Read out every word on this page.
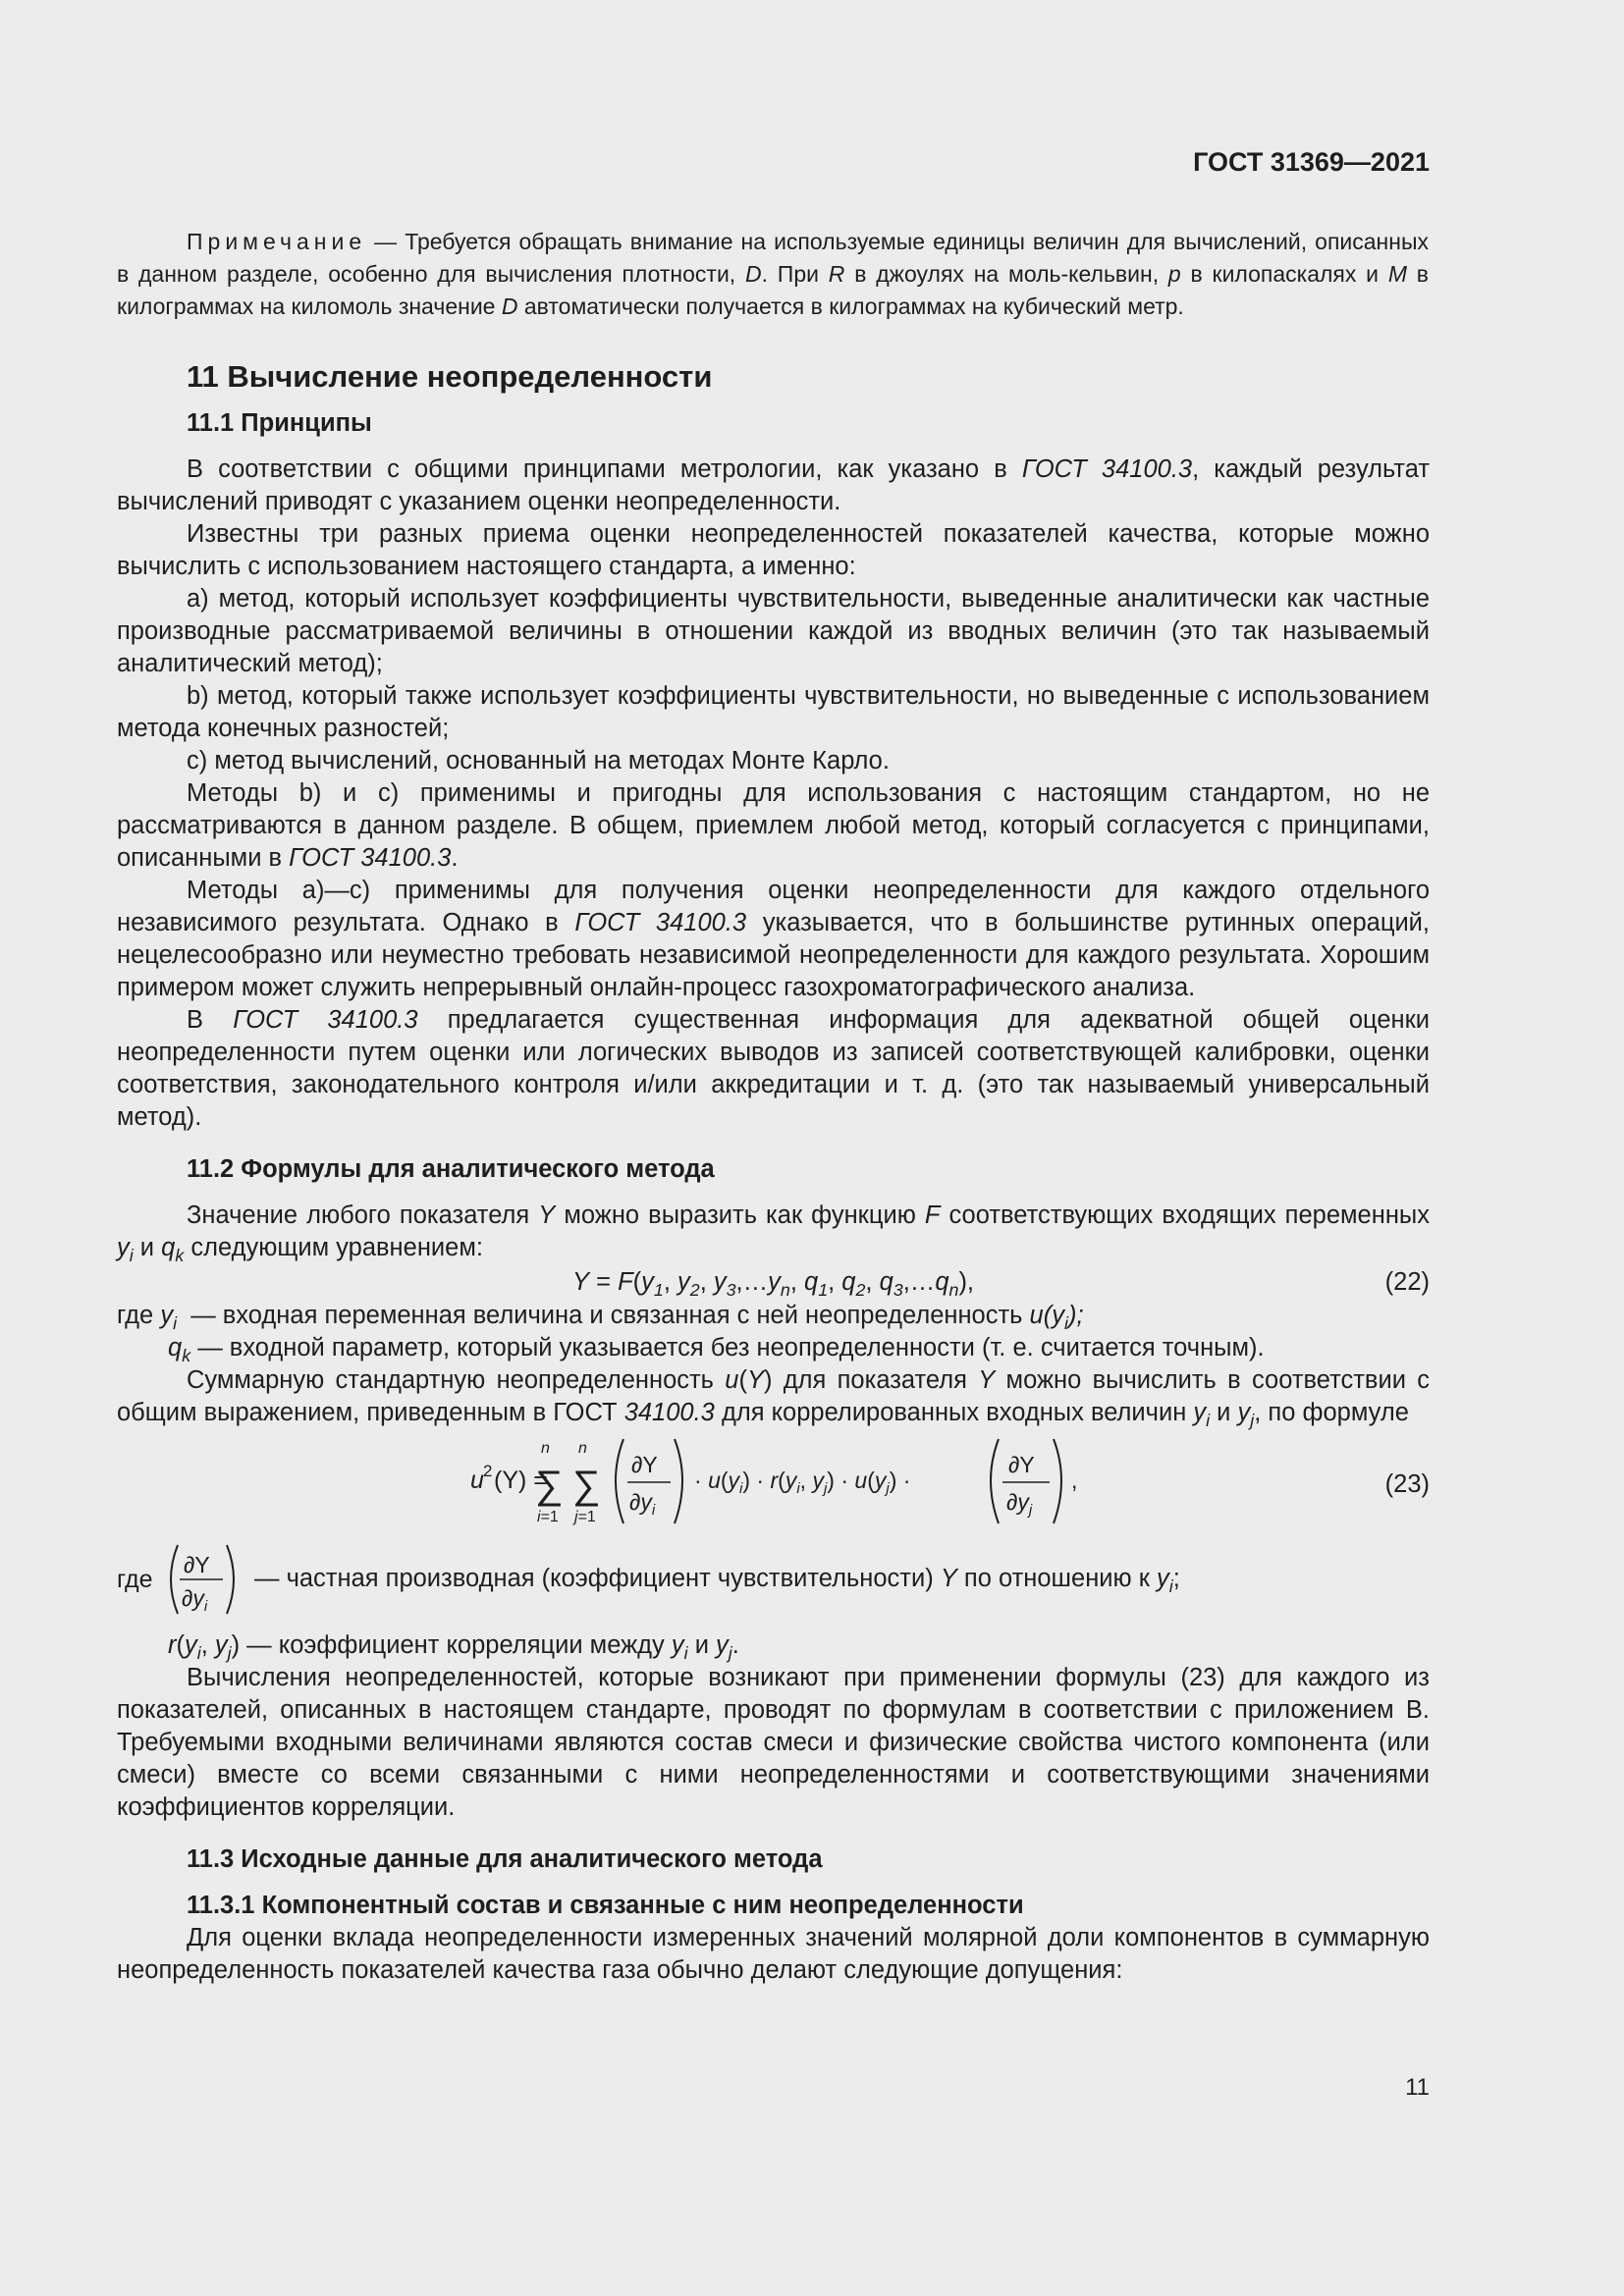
ГОСТ 31369—2021

Примечание — Требуется обращать внимание на используемые единицы величин для вычислений, описанных в данном разделе, особенно для вычисления плотности, D. При R в джоулях на моль-кельвин, p в килопаскалях и M в килограммах на киломоль значение D автоматически получается в килограммах на кубический метр.

11 Вычисление неопределенности
11.1 Принципы

В соответствии с общими принципами метрологии, как указано в ГОСТ 34100.3, каждый результат вычислений приводят с указанием оценки неопределенности.

Известны три разных приема оценки неопределенностей показателей качества, которые можно вычислить с использованием настоящего стандарта, а именно:

а) метод, который использует коэффициенты чувствительности, выведенные аналитически как частные производные рассматриваемой величины в отношении каждой из вводных величин (это так называемый аналитический метод);

b) метод, который также использует коэффициенты чувствительности, но выведенные с использованием метода конечных разностей;

с) метод вычислений, основанный на методах Монте Карло.

Методы b) и с) применимы и пригодны для использования с настоящим стандартом, но не рассматриваются в данном разделе. В общем, приемлем любой метод, который согласуется с принципами, описанными в ГОСТ 34100.3.

Методы а)—с) применимы для получения оценки неопределенности для каждого отдельного независимого результата. Однако в ГОСТ 34100.3 указывается, что в большинстве рутинных операций, нецелесообразно или неуместно требовать независимой неопределенности для каждого результата. Хорошим примером может служить непрерывный онлайн-процесс газохроматографического анализа.

В ГОСТ 34100.3 предлагается существенная информация для адекватной общей оценки неопределенности путем оценки или логических выводов из записей соответствующей калибровки, оценки соответствия, законодательного контроля и/или аккредитации и т. д. (это так называемый универсальный метод).

11.2 Формулы для аналитического метода

Значение любого показателя Y можно выразить как функцию F соответствующих входящих переменных $y_i$ и $q_k$ следующим уравнением:

$Y = F(y_1$, $y_2$, $y_3,\dots y_n$, $q_1$, $q_2$, $q_3,\dots q_n$),	(22)

где $y_i$  — входная переменная величина и связанная с ней неопределенность $u(y_i)$;

$q_k$ — входной параметр, который указывается без неопределенности (т. е. считается точным).

Суммарную стандартную неопределенность u(Y) для показателя Y можно вычислить в соответствии с общим выражением, приведенным в ГОСТ 34100.3 для коррелированных входных величин $y_i$ и $y_j$, по формуле

u 2 (Y) =
n
∑
i=1
n
∑
j=1
∂Y
$\partial y_i$
· $u(y_i) \cdot r(y_i$, $y_j) \cdot u(y_j)$ ·
∂Y
$\partial y_j$
,	(23)
где
∂Y
$\partial y_i$
— частная производная (коэффициент чувствительности) Y по отношению к $y_i$;

$r(y_i$, $y_j$) — коэффициент корреляции между $y_i$ и $y_j$.

Вычисления неопределенностей, которые возникают при применении формулы (23) для каждого из показателей, описанных в настоящем стандарте, проводят по формулам в соответствии с приложением В. Требуемыми входными величинами являются состав смеси и физические свойства чистого компонента (или смеси) вместе со всеми связанными с ними неопределенностями и соответствующими значениями коэффициентов корреляции.

11.3 Исходные данные для аналитического метода
11.3.1 Компонентный состав и связанные с ним неопределенности

Для оценки вклада неопределенности измеренных значений молярной доли компонентов в суммарную неопределенность показателей качества газа обычно делают следующие допущения:

11
